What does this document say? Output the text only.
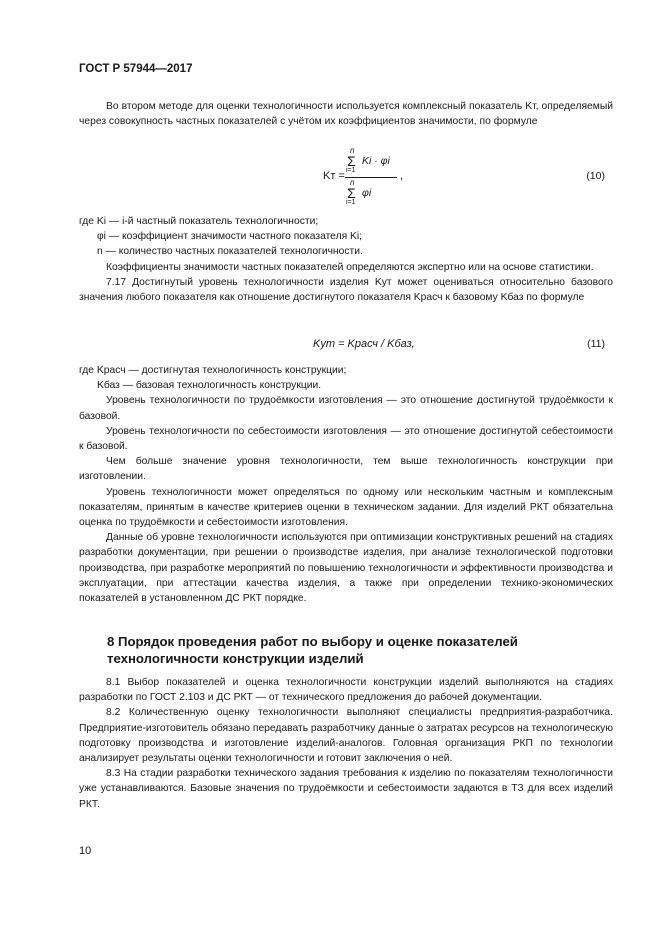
ГОСТ Р 57944—2017

Во втором методе для оценки технологичности используется комплексный показатель Kт, определяемый через совокупность частных показателей с учётом их коэффициентов значимости, по формуле

Kт =
n
Σ Ki · φi
i=1
n
Σ φi
i=1
,	(10)
где Ki — i-й частный показатель технологичности;
φi — коэффициент значимости частного показателя Ki;
n — количество частных показателей технологичности.

Коэффициенты значимости частных показателей определяются экспертно или на основе статистики.

7.17 Достигнутый уровень технологичности изделия Kут может оцениваться относительно базового значения любого показателя как отношение достигнутого показателя Kрасч к базовому Kбаз по формуле

Kут = Kрасч / Kбаз,	(11)
где Kрасч — достигнутая технологичность конструкции;
Kбаз — базовая технологичность конструкции.

Уровень технологичности по трудоёмкости изготовления — это отношение достигнутой трудоёмкости к базовой.

Уровень технологичности по себестоимости изготовления — это отношение достигнутой себестоимости к базовой.

Чем больше значение уровня технологичности, тем выше технологичность конструкции при изготовлении.

Уровень технологичности может определяться по одному или нескольким частным и комплексным показателям, принятым в качестве критериев оценки в техническом задании. Для изделий РКТ обязательна оценка по трудоёмкости и себестоимости изготовления.

Данные об уровне технологичности используются при оптимизации конструктивных решений на стадиях разработки документации, при решении о производстве изделия, при анализе технологической подготовки производства, при разработке мероприятий по повышению технологичности и эффективности производства и эксплуатации, при аттестации качества изделия, а также при определении технико-экономических показателей в установленном ДС РКТ порядке.

8 Порядок проведения работ по выбору и оценке показателей технологичности конструкции изделий

8.1 Выбор показателей и оценка технологичности конструкции изделий выполняются на стадиях разработки по ГОСТ 2.103 и ДС РКТ — от технического предложения до рабочей документации.

8.2 Количественную оценку технологичности выполняют специалисты предприятия-разработчика. Предприятие-изготовитель обязано передавать разработчику данные о затратах ресурсов на технологическую подготовку производства и изготовление изделий-аналогов. Головная организация РКП по технологии анализирует результаты оценки технологичности и готовит заключения о ней.

8.3 На стадии разработки технического задания требования к изделию по показателям технологичности уже устанавливаются. Базовые значения по трудоёмкости и себестоимости задаются в ТЗ для всех изделий РКТ.

10
